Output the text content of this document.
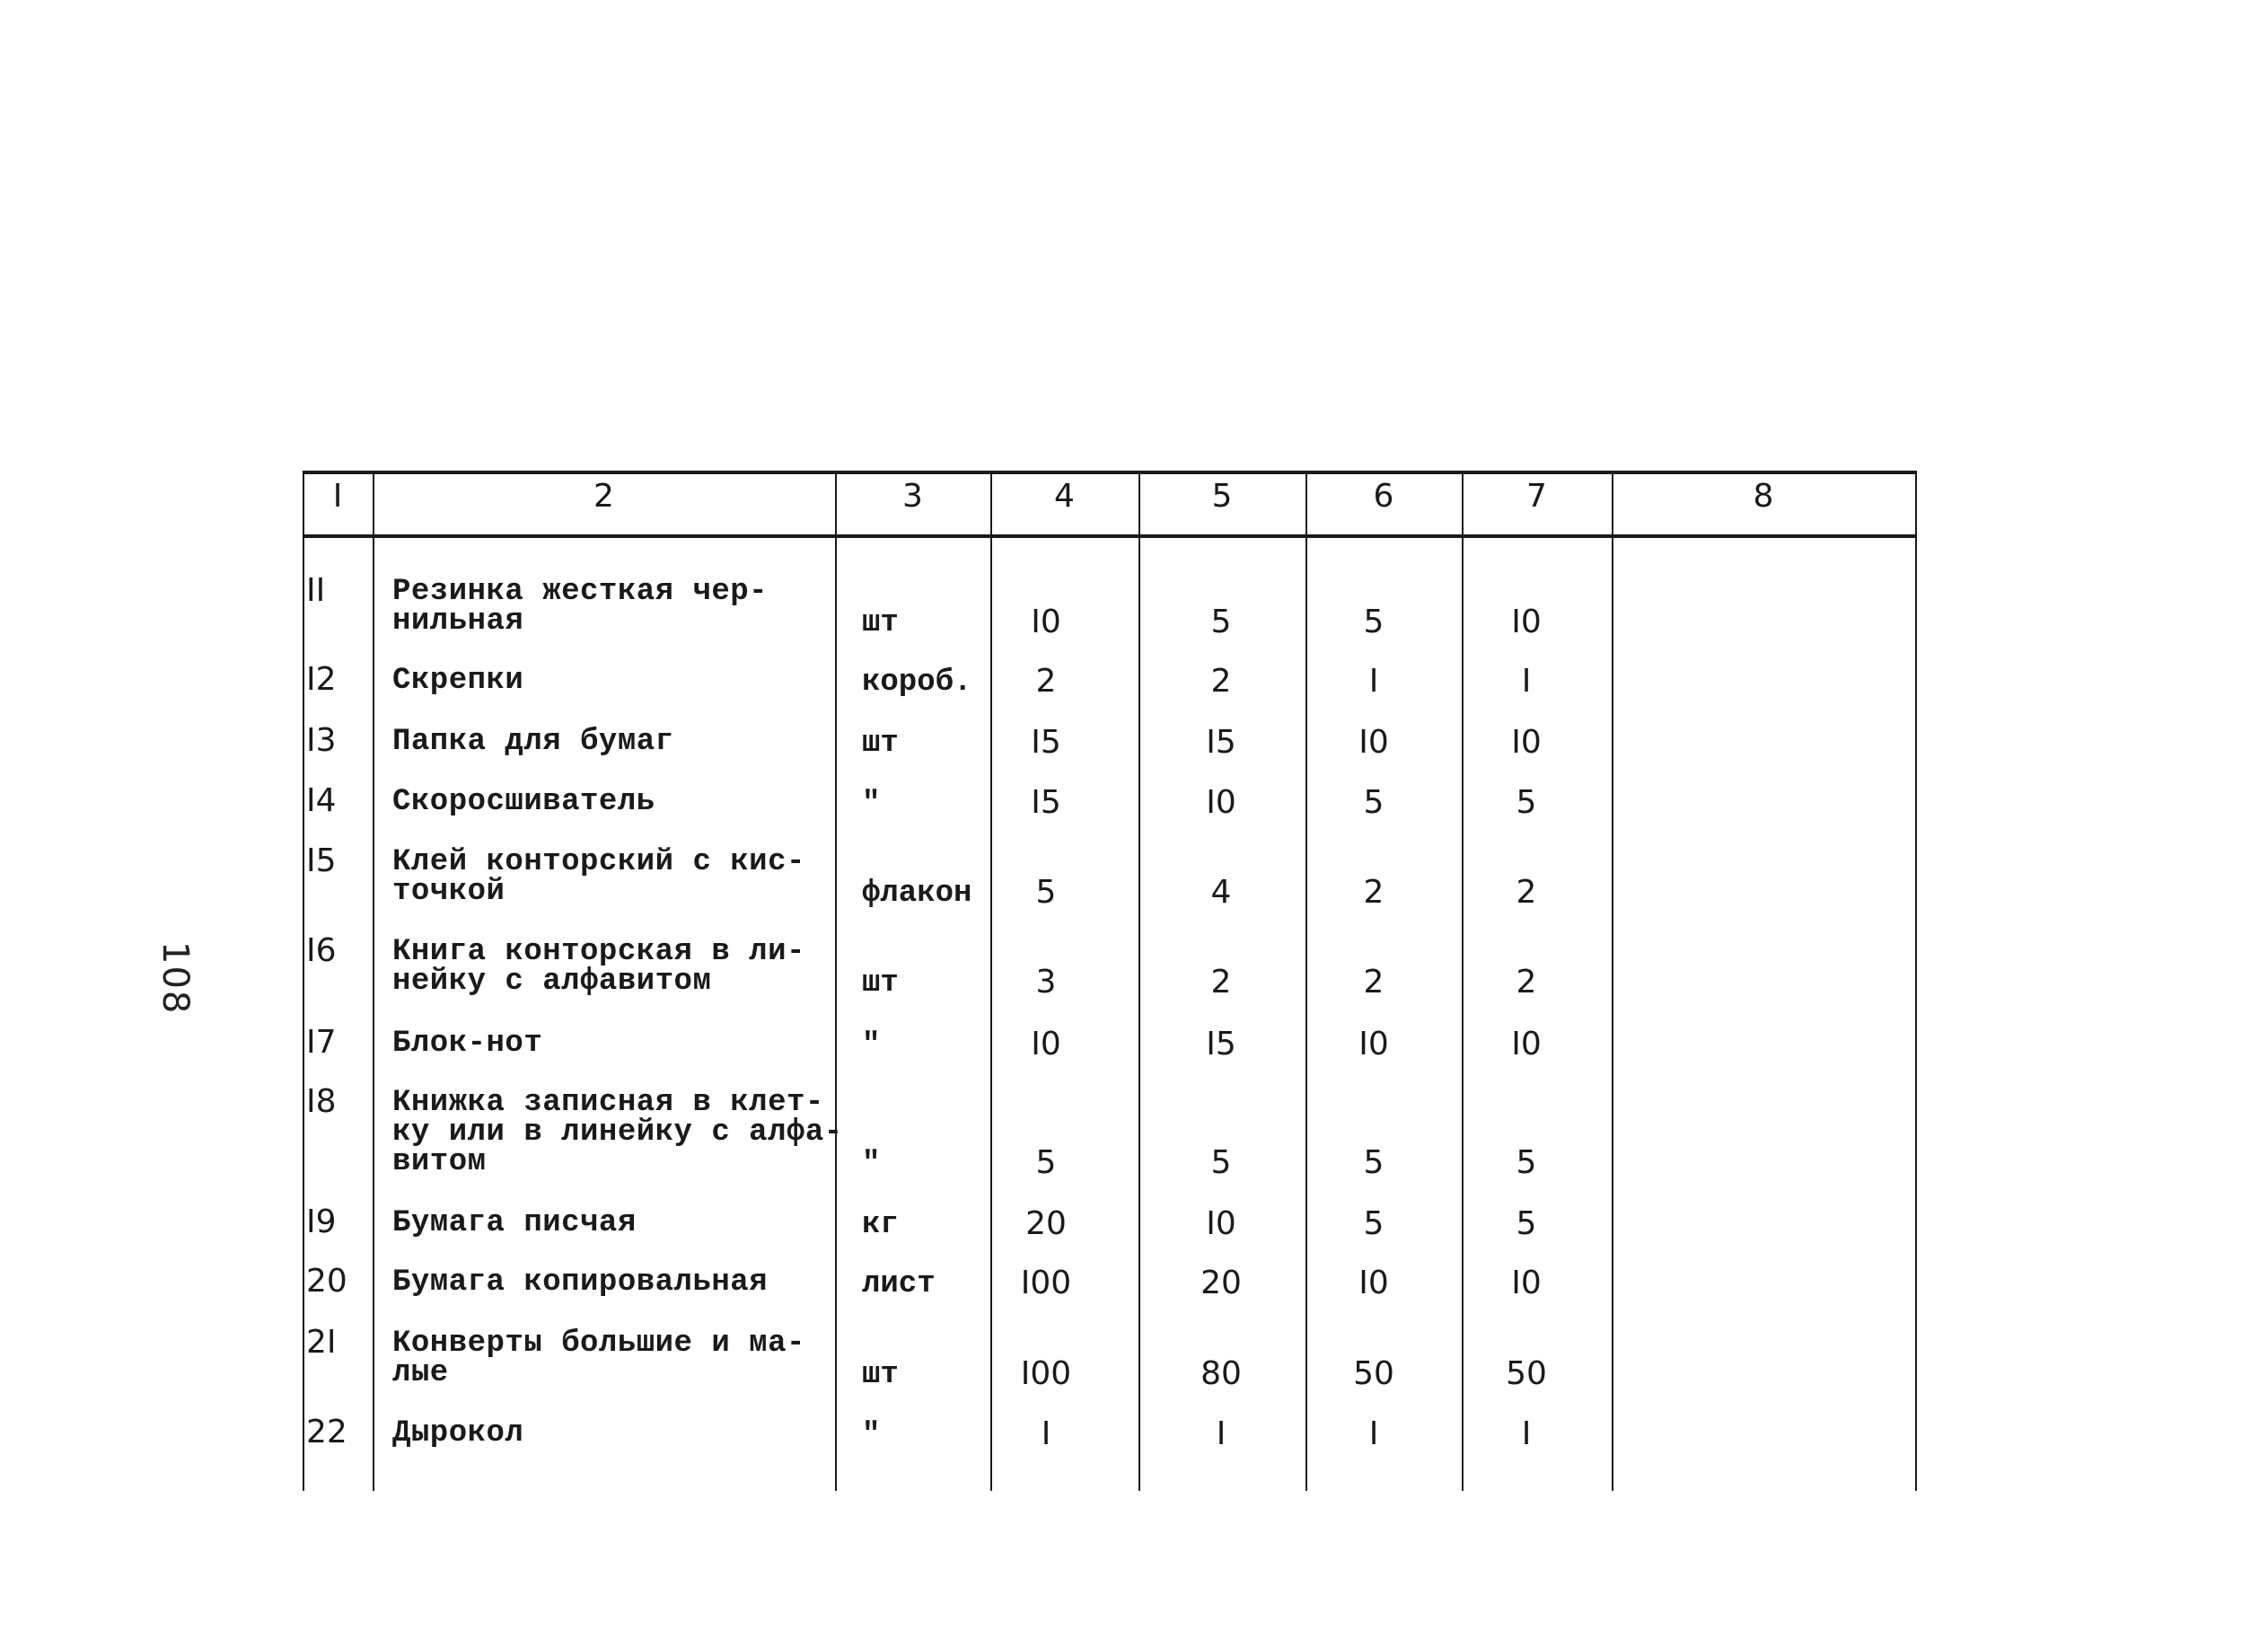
108
I	2	3	4	5	6	7	8
II Резинка жесткая чер-
нильная	шт	I0	5	5	I0
I2 Скрепки	короб.	2	2	I	I
I3 Папка для бумаг	шт	I5	I5	I0	I0
I4 Скоросшиватель	"	I5	I0	5	5
I5 Клей конторский с кис-
точкой	флакон	5	4	2	2
I6 Книга конторская в ли-
нейку с алфавитом	шт	3	2	2	2
I7 Блок-нот	"	I0	I5	I0	I0
I8 Книжка записная в клет-
ку или в линейку с алфа-
витом	"	5	5	5	5
I9 Бумага писчая	кг	20	I0	5	5
20 Бумага копировальная	лист	I00	20	I0	I0
2I Конверты большие и ма-
лые	шт	I00	80	50	50
22 Дырокол	"	I	I	I	I
